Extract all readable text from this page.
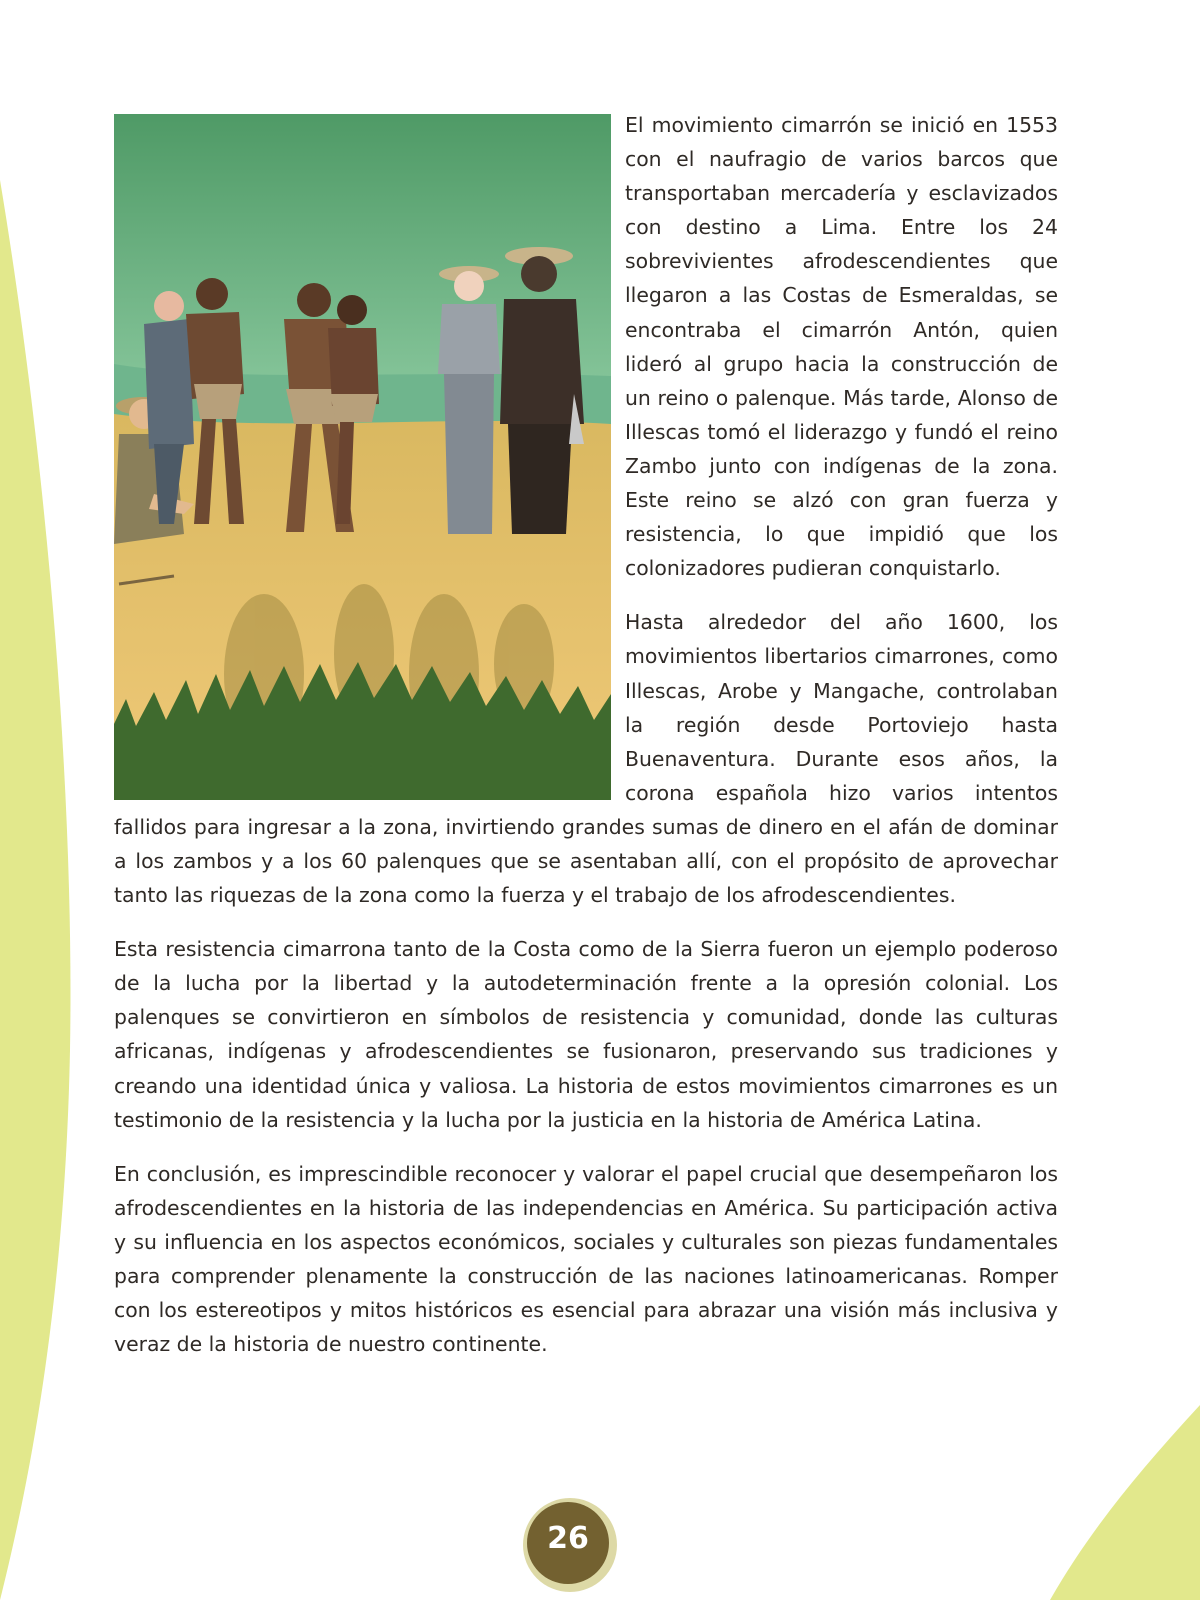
El movimiento cimarrón se inició en 1553 con el naufragio de varios barcos que transportaban mercadería y esclavizados con destino a Lima. Entre los 24 sobrevivientes afrodescendientes que llegaron a las Costas de Esmeraldas, se encontraba el cimarrón Antón, quien lideró al grupo hacia la construcción de un reino o palenque. Más tarde, Alonso de Illescas tomó el liderazgo y fundó el reino Zambo junto con indígenas de la zona. Este reino se alzó con gran fuerza y resistencia, lo que impidió que los colonizadores pudieran conquistarlo.

Hasta alrededor del año 1600, los movimientos libertarios cimarrones, como Illescas, Arobe y Mangache, controlaban la región desde Portoviejo hasta Buenaventura. Durante esos años, la corona española hizo varios intentos fallidos para ingresar a la zona, invirtiendo grandes sumas de dinero en el afán de dominar a los zambos y a los 60 palenques que se asentaban allí, con el propósito de aprovechar tanto las riquezas de la zona como la fuerza y el trabajo de los afrodescendientes.

Esta resistencia cimarrona tanto de la Costa como de la Sierra fueron un ejemplo poderoso de la lucha por la libertad y la autodeterminación frente a la opresión colonial. Los palenques se convirtieron en símbolos de resistencia y comunidad, donde las culturas africanas, indígenas y afrodescendientes se fusionaron, preservando sus tradiciones y creando una identidad única y valiosa. La historia de estos movimientos cimarrones es un testimonio de la resistencia y la lucha por la justicia en la historia de América Latina.

En conclusión, es imprescindible reconocer y valorar el papel crucial que desempeñaron los afrodescendientes en la historia de las independencias en América. Su participación activa y su influencia en los aspectos económicos, sociales y culturales son piezas fundamentales para comprender plenamente la construcción de las naciones latinoamericanas. Romper con los estereotipos y mitos históricos es esencial para abrazar una visión más inclusiva y veraz de la historia de nuestro continente.

26
